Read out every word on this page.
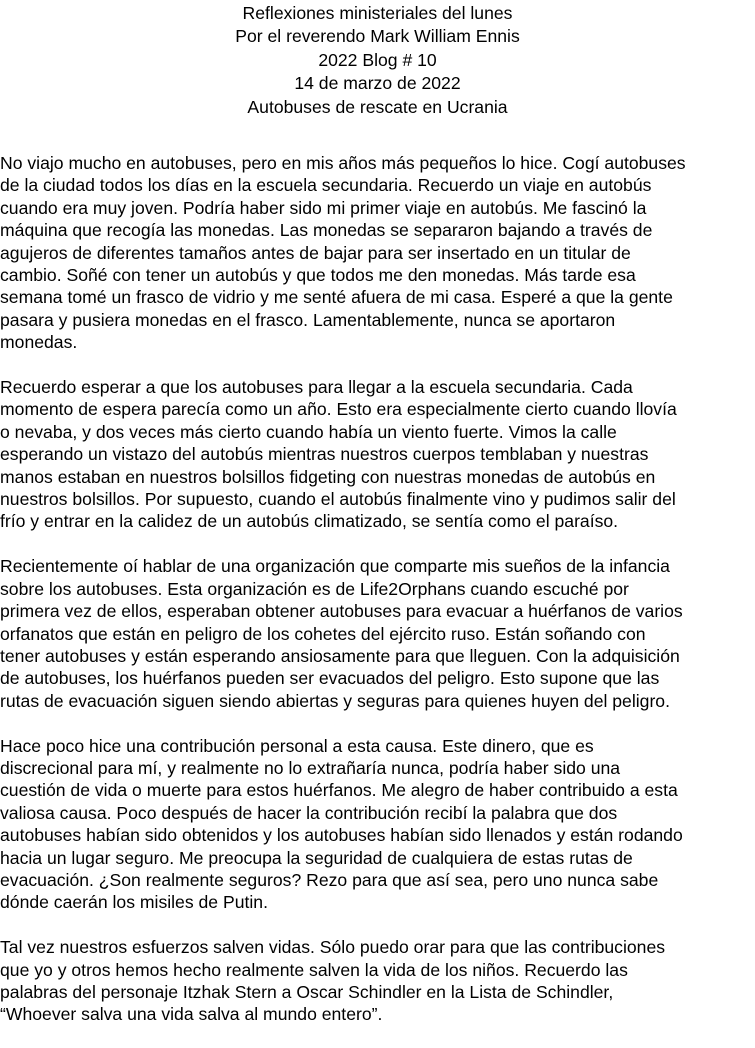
Reflexiones ministeriales del lunes
Por el reverendo Mark William Ennis
2022 Blog # 10
14 de marzo de 2022
Autobuses de rescate en Ucrania

No viajo mucho en autobuses, pero en mis años más pequeños lo hice. Cogí autobuses
de la ciudad todos los días en la escuela secundaria. Recuerdo un viaje en autobús
cuando era muy joven. Podría haber sido mi primer viaje en autobús. Me fascinó la
máquina que recogía las monedas. Las monedas se separaron bajando a través de
agujeros de diferentes tamaños antes de bajar para ser insertado en un titular de
cambio. Soñé con tener un autobús y que todos me den monedas. Más tarde esa
semana tomé un frasco de vidrio y me senté afuera de mi casa. Esperé a que la gente
pasara y pusiera monedas en el frasco. Lamentablemente, nunca se aportaron
monedas.

Recuerdo esperar a que los autobuses para llegar a la escuela secundaria. Cada
momento de espera parecía como un año. Esto era especialmente cierto cuando llovía
o nevaba, y dos veces más cierto cuando había un viento fuerte. Vimos la calle
esperando un vistazo del autobús mientras nuestros cuerpos temblaban y nuestras
manos estaban en nuestros bolsillos fidgeting con nuestras monedas de autobús en
nuestros bolsillos. Por supuesto, cuando el autobús finalmente vino y pudimos salir del
frío y entrar en la calidez de un autobús climatizado, se sentía como el paraíso.

Recientemente oí hablar de una organización que comparte mis sueños de la infancia
sobre los autobuses. Esta organización es de Life2Orphans cuando escuché por
primera vez de ellos, esperaban obtener autobuses para evacuar a huérfanos de varios
orfanatos que están en peligro de los cohetes del ejército ruso. Están soñando con
tener autobuses y están esperando ansiosamente para que lleguen. Con la adquisición
de autobuses, los huérfanos pueden ser evacuados del peligro. Esto supone que las
rutas de evacuación siguen siendo abiertas y seguras para quienes huyen del peligro.

Hace poco hice una contribución personal a esta causa. Este dinero, que es
discrecional para mí, y realmente no lo extrañaría nunca, podría haber sido una
cuestión de vida o muerte para estos huérfanos. Me alegro de haber contribuido a esta
valiosa causa. Poco después de hacer la contribución recibí la palabra que dos
autobuses habían sido obtenidos y los autobuses habían sido llenados y están rodando
hacia un lugar seguro. Me preocupa la seguridad de cualquiera de estas rutas de
evacuación. ¿Son realmente seguros? Rezo para que así sea, pero uno nunca sabe
dónde caerán los misiles de Putin.

Tal vez nuestros esfuerzos salven vidas. Sólo puedo orar para que las contribuciones
que yo y otros hemos hecho realmente salven la vida de los niños. Recuerdo las
palabras del personaje Itzhak Stern a Oscar Schindler en la Lista de Schindler,
“Whoever salva una vida salva al mundo entero”.
